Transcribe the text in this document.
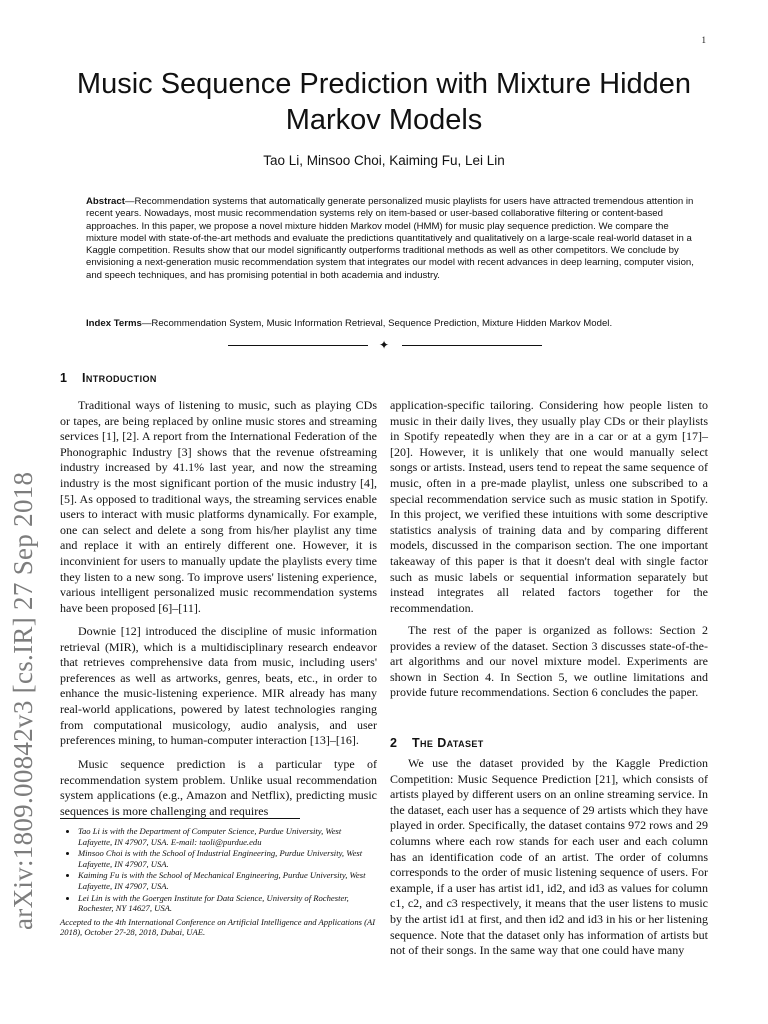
1
arXiv:1809.00842v3 [cs.IR] 27 Sep 2018
Music Sequence Prediction with Mixture Hidden Markov Models
Tao Li, Minsoo Choi, Kaiming Fu, Lei Lin
Abstract—Recommendation systems that automatically generate personalized music playlists for users have attracted tremendous attention in recent years. Nowadays, most music recommendation systems rely on item-based or user-based collaborative filtering or content-based approaches. In this paper, we propose a novel mixture hidden Markov model (HMM) for music play sequence prediction. We compare the mixture model with state-of-the-art methods and evaluate the predictions quantitatively and qualitatively on a large-scale real-world dataset in a Kaggle competition. Results show that our model significantly outperforms traditional methods as well as other competitors. We conclude by envisioning a next-generation music recommendation system that integrates our model with recent advances in deep learning, computer vision, and speech techniques, and has promising potential in both academia and industry.
Index Terms—Recommendation System, Music Information Retrieval, Sequence Prediction, Mixture Hidden Markov Model.
✦
1 Introduction
Traditional ways of listening to music, such as playing CDs or tapes, are being replaced by online music stores and streaming services [1], [2]. A report from the International Federation of the Phonographic Industry [3] shows that the revenue ofstreaming industry increased by 41.1% last year, and now the streaming industry is the most significant portion of the music industry [4], [5]. As opposed to traditional ways, the streaming services enable users to interact with music platforms dynamically. For example, one can select and delete a song from his/her playlist any time and replace it with an entirely different one. However, it is inconvinient for users to manually update the playlists every time they listen to a new song. To improve users' listening experience, various intelligent personalized music recommendation systems have been proposed [6]–[11].
Downie [12] introduced the discipline of music information retrieval (MIR), which is a multidisciplinary research endeavor that retrieves comprehensive data from music, including users' preferences as well as artworks, genres, beats, etc., in order to enhance the music-listening experience. MIR already has many real-world applications, powered by latest technologies ranging from computational musicology, audio analysis, and user preferences mining, to human-computer interaction [13]–[16].
Music sequence prediction is a particular type of recommendation system problem. Unlike usual recommendation system applications (e.g., Amazon and Netflix), predicting music sequences is more challenging and requires
• Tao Li is with the Department of Computer Science, Purdue University, West Lafayette, IN 47907, USA. E-mail: taoli@purdue.edu
• Minsoo Choi is with the School of Industrial Engineering, Purdue University, West Lafayette, IN 47907, USA.
• Kaiming Fu is with the School of Mechanical Engineering, Purdue University, West Lafayette, IN 47907, USA.
• Lei Lin is with the Goergen Institute for Data Science, University of Rochester, Rochester, NY 14627, USA.
Accepted to the 4th International Conference on Artificial Intelligence and Applications (AI 2018), October 27-28, 2018, Dubai, UAE.
application-specific tailoring. Considering how people listen to music in their daily lives, they usually play CDs or their playlists in Spotify repeatedly when they are in a car or at a gym [17]–[20]. However, it is unlikely that one would manually select songs or artists. Instead, users tend to repeat the same sequence of music, often in a pre-made playlist, unless one subscribed to a special recommendation service such as music station in Spotify. In this project, we verified these intuitions with some descriptive statistics analysis of training data and by comparing different models, discussed in the comparison section. The one important takeaway of this paper is that it doesn't deal with single factor such as music labels or sequential information separately but instead integrates all related factors together for the recommendation.
The rest of the paper is organized as follows: Section 2 provides a review of the dataset. Section 3 discusses state-of-the-art algorithms and our novel mixture model. Experiments are shown in Section 4. In Section 5, we outline limitations and provide future recommendations. Section 6 concludes the paper.
2 The Dataset
We use the dataset provided by the Kaggle Prediction Competition: Music Sequence Prediction [21], which consists of artists played by different users on an online streaming service. In the dataset, each user has a sequence of 29 artists which they have played in order. Specifically, the dataset contains 972 rows and 29 columns where each row stands for each user and each column has an identification code of an artist. The order of columns corresponds to the order of music listening sequence of users. For example, if a user has artist id1, id2, and id3 as values for column c1, c2, and c3 respectively, it means that the user listens to music by the artist id1 at first, and then id2 and id3 in his or her listening sequence. Note that the dataset only has information of artists but not of their songs. In the same way that one could have many
